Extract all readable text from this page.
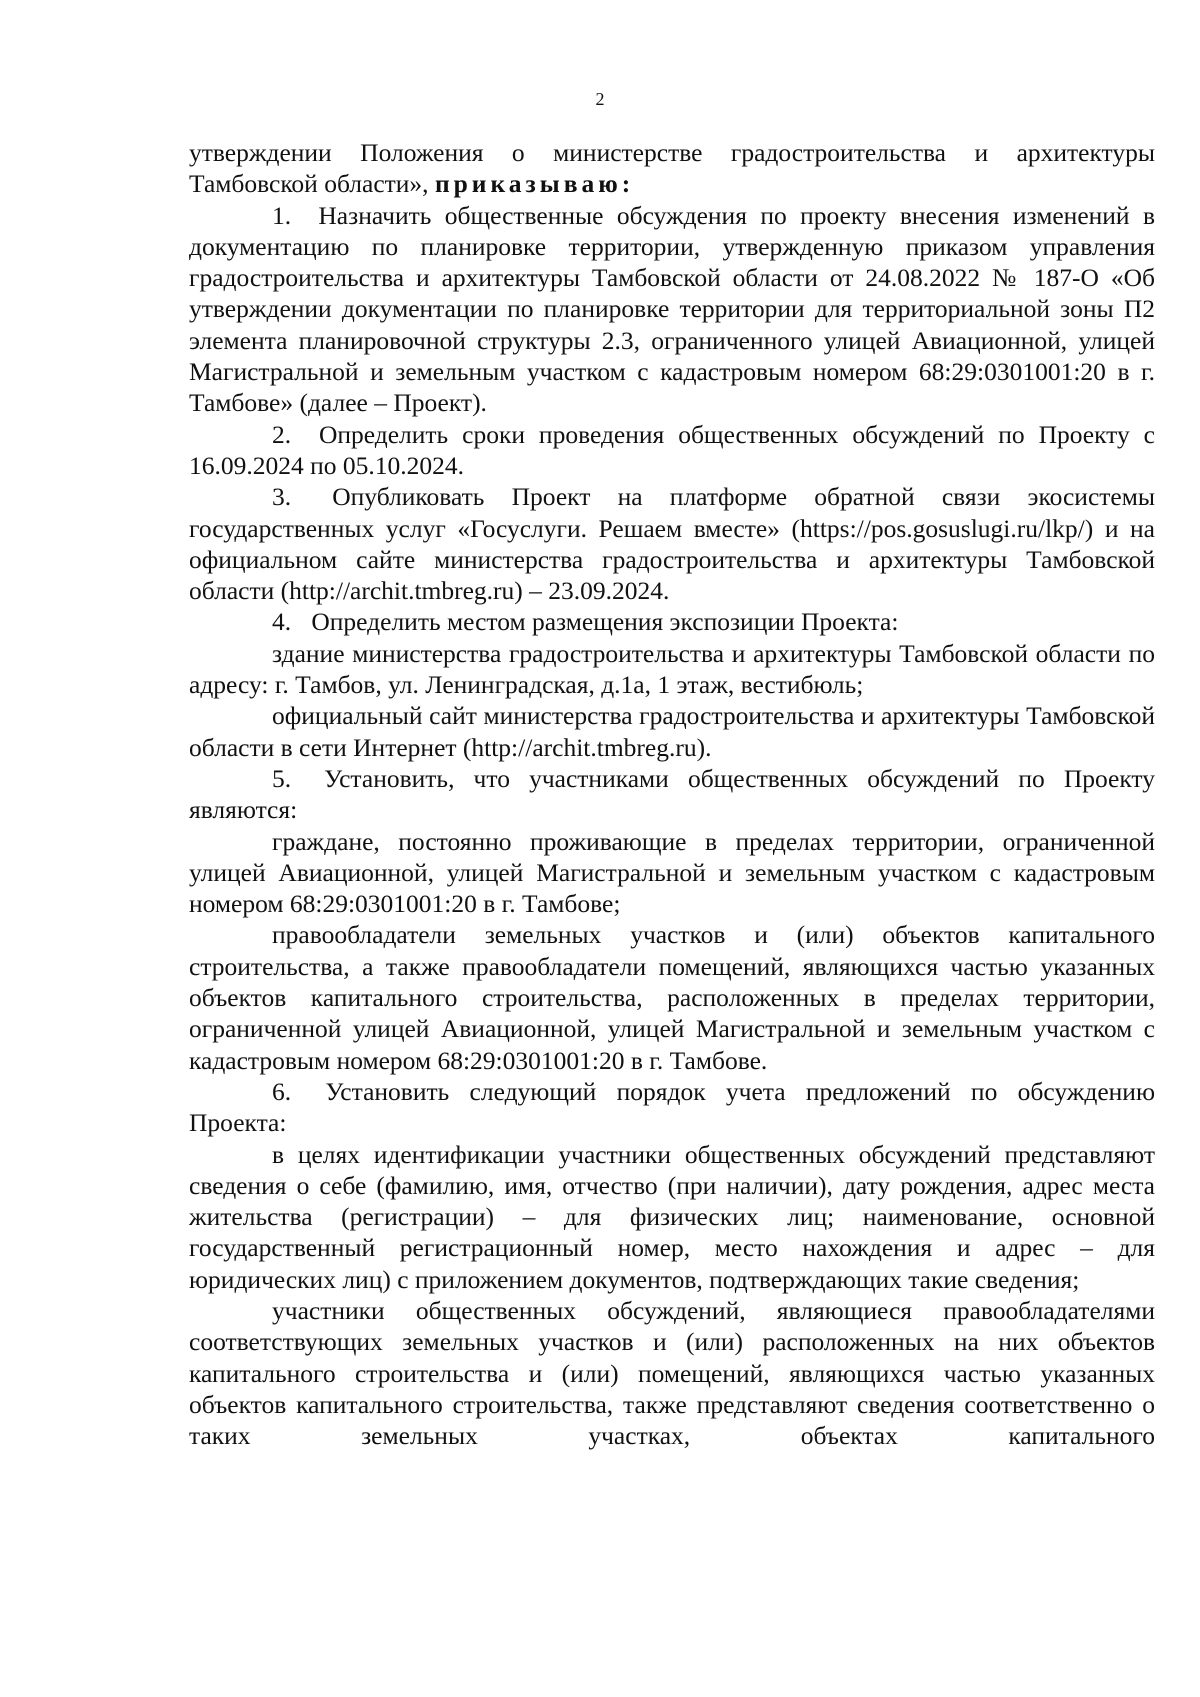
2

утверждении Положения о министерстве градостроительства и архитектуры Тамбовской области», приказываю:

1. Назначить общественные обсуждения по проекту внесения изменений в документацию по планировке территории, утвержденную приказом управления градостроительства и архитектуры Тамбовской области от 24.08.2022 № 187-О «Об утверждении документации по планировке территории для территориальной зоны П2 элемента планировочной структуры 2.3, ограниченного улицей Авиационной, улицей Магистральной и земельным участком с кадастровым номером 68:29:0301001:20 в г. Тамбове» (далее – Проект).

2. Определить сроки проведения общественных обсуждений по Проекту с 16.09.2024 по 05.10.2024.

3. Опубликовать Проект на платформе обратной связи экосистемы государственных услуг «Госуслуги. Решаем вместе» (https://pos.gosuslugi.ru/lkp/) и на официальном сайте министерства градостроительства и архитектуры Тамбовской области (http://archit.tmbreg.ru) – 23.09.2024.

4. Определить местом размещения экспозиции Проекта:

здание министерства градостроительства и архитектуры Тамбовской области по адресу: г. Тамбов, ул. Ленинградская, д.1а, 1 этаж, вестибюль;

официальный сайт министерства градостроительства и архитектуры Тамбовской области в сети Интернет (http://archit.tmbreg.ru).

5. Установить, что участниками общественных обсуждений по Проекту являются:

граждане, постоянно проживающие в пределах территории, ограниченной улицей Авиационной, улицей Магистральной и земельным участком с кадастровым номером 68:29:0301001:20 в г. Тамбове;

правообладатели земельных участков и (или) объектов капитального строительства, а также правообладатели помещений, являющихся частью указанных объектов капитального строительства, расположенных в пределах территории, ограниченной улицей Авиационной, улицей Магистральной и земельным участком с кадастровым номером 68:29:0301001:20 в г. Тамбове.

6. Установить следующий порядок учета предложений по обсуждению Проекта:

в целях идентификации участники общественных обсуждений представляют сведения о себе (фамилию, имя, отчество (при наличии), дату рождения, адрес места жительства (регистрации) – для физических лиц; наименование, основной государственный регистрационный номер, место нахождения и адрес – для юридических лиц) с приложением документов, подтверждающих такие сведения;

участники общественных обсуждений, являющиеся правообладателями соответствующих земельных участков и (или) расположенных на них объектов капитального строительства и (или) помещений, являющихся частью указанных объектов капитального строительства, также представляют сведения соответственно о таких земельных участках, объектах капитального
